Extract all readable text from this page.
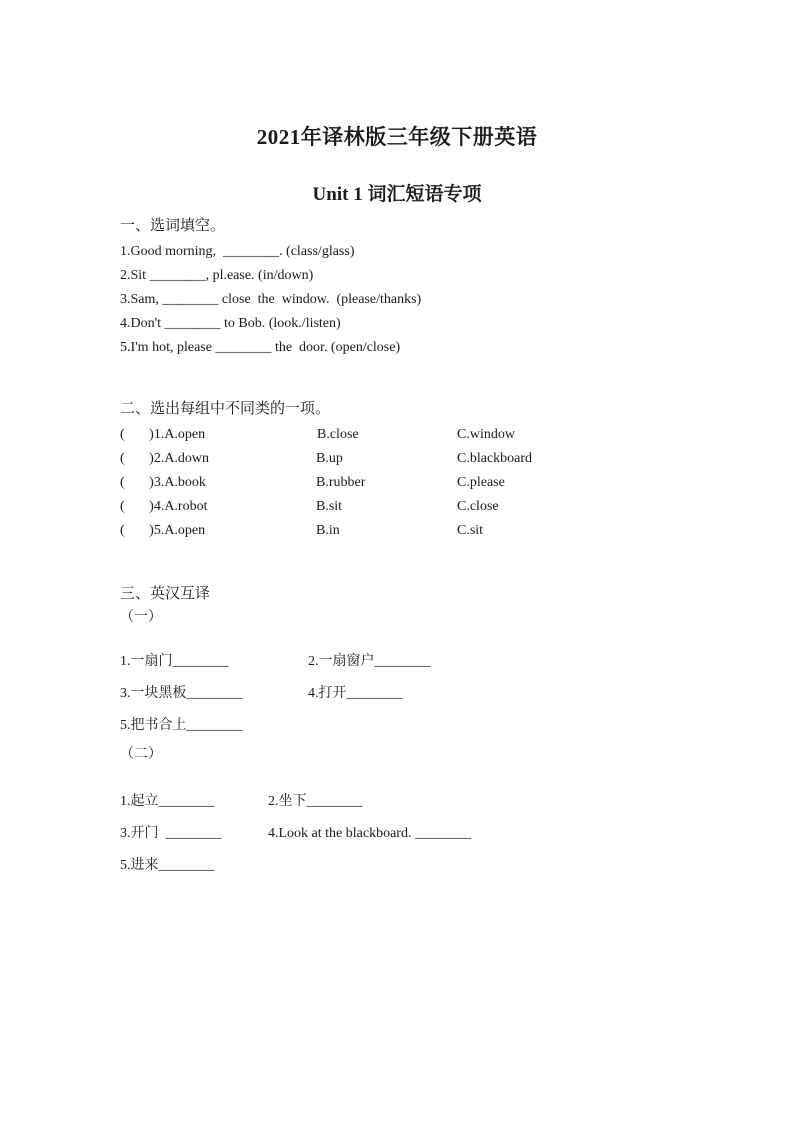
2021年译林版三年级下册英语
Unit 1 词汇短语专项
一、选词填空。
1.Good morning,  ________. (class/glass)
2.Sit ________, pl.ease. (in/down)
3.Sam, ________ close  the  window.  (please/thanks)
4.Don't ________ to Bob. (look./listen)
5.I'm hot, please ________ the  door. (open/close)
二、选出每组中不同类的一项。
(       )1.A.open	B.close	C.window
(       )2.A.down	B.up	C.blackboard
(       )3.A.book	B.rubber	C.please
(       )4.A.robot	B.sit	C.close
(       )5.A.open	B.in	C.sit
三、英汉互译
（一）
1.一扇门________	2.一扇窗户________
3.一块黑板________	4.打开________
5.把书合上________
（二）
1.起立________	2.坐下________
3.开门  ________	4.Look at the blackboard. ________
5.进来________
